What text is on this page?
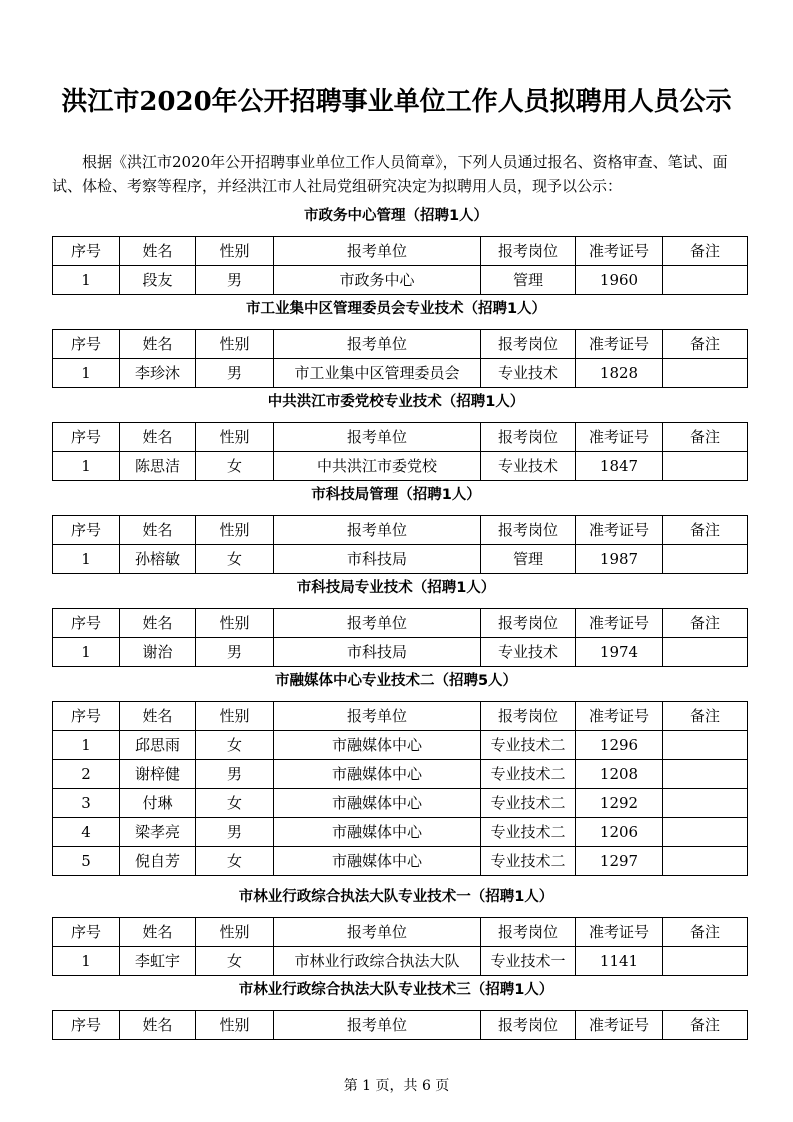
洪江市2020年公开招聘事业单位工作人员拟聘用人员公示
根据《洪江市2020年公开招聘事业单位工作人员简章》，下列人员通过报名、资格审查、笔试、面试、体检、考察等程序，并经洪江市人社局党组研究决定为拟聘用人员，现予以公示：
市政务中心管理（招聘1人）
序号	姓名	性别	报考单位	报考岗位	准考证号	备注
1	段友	男	市政务中心	管理	1960	
市工业集中区管理委员会专业技术（招聘1人）
序号	姓名	性别	报考单位	报考岗位	准考证号	备注
1	李珍沐	男	市工业集中区管理委员会	专业技术	1828	
中共洪江市委党校专业技术（招聘1人）
序号	姓名	性别	报考单位	报考岗位	准考证号	备注
1	陈思洁	女	中共洪江市委党校	专业技术	1847	
市科技局管理（招聘1人）
序号	姓名	性别	报考单位	报考岗位	准考证号	备注
1	孙榕敏	女	市科技局	管理	1987	
市科技局专业技术（招聘1人）
序号	姓名	性别	报考单位	报考岗位	准考证号	备注
1	谢治	男	市科技局	专业技术	1974	
市融媒体中心专业技术二（招聘5人）
序号	姓名	性别	报考单位	报考岗位	准考证号	备注
1	邱思雨	女	市融媒体中心	专业技术二	1296	
2	谢梓健	男	市融媒体中心	专业技术二	1208	
3	付琳	女	市融媒体中心	专业技术二	1292	
4	梁孝亮	男	市融媒体中心	专业技术二	1206	
5	倪自芳	女	市融媒体中心	专业技术二	1297	
市林业行政综合执法大队专业技术一（招聘1人）
序号	姓名	性别	报考单位	报考岗位	准考证号	备注
1	李虹宇	女	市林业行政综合执法大队	专业技术一	1141	
市林业行政综合执法大队专业技术三（招聘1人）
序号	姓名	性别	报考单位	报考岗位	准考证号	备注
第 1 页，共 6 页
